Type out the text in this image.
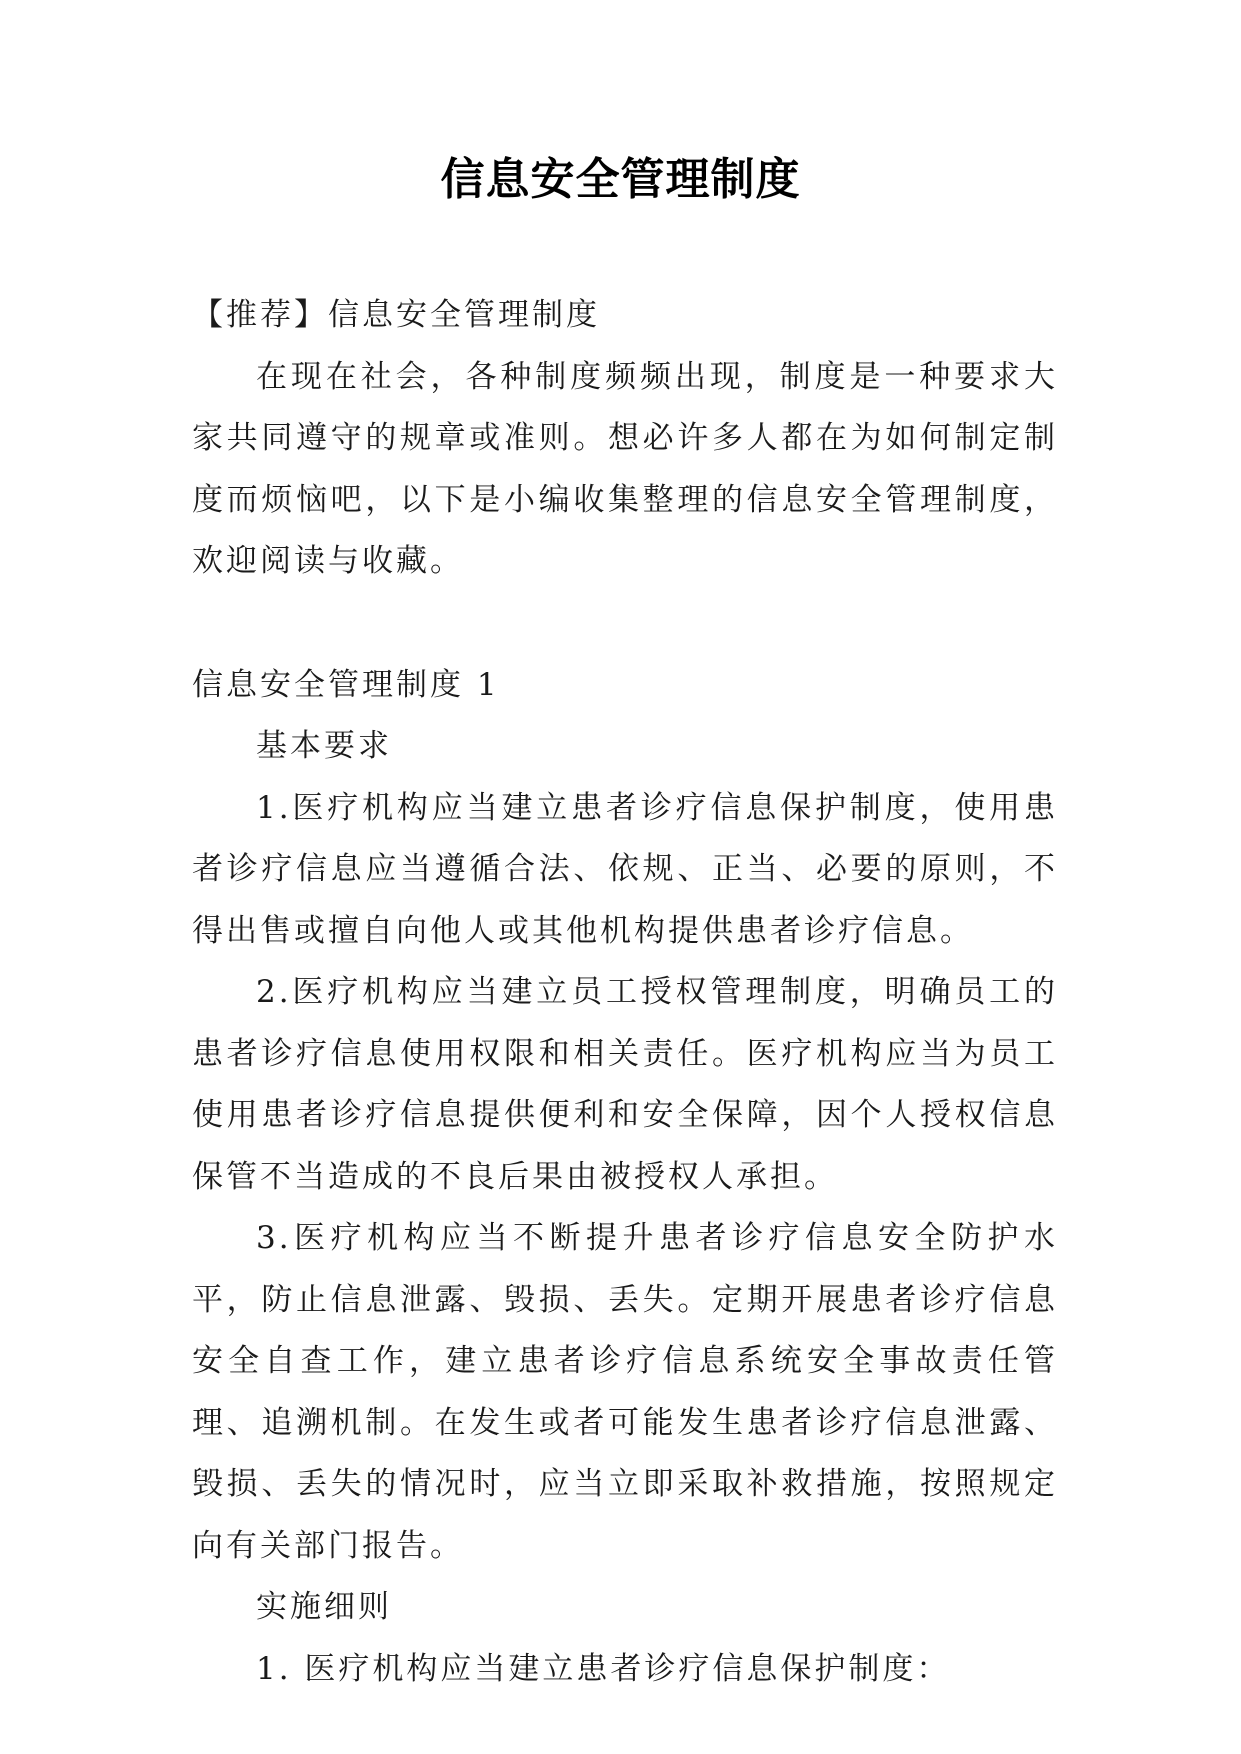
信息安全管理制度

【推荐】信息安全管理制度

在现在社会，各种制度频频出现，制度是一种要求大家共同遵守的规章或准则。想必许多人都在为如何制定制度而烦恼吧，以下是小编收集整理的信息安全管理制度，欢迎阅读与收藏。

信息安全管理制度 1

基本要求

1.医疗机构应当建立患者诊疗信息保护制度，使用患者诊疗信息应当遵循合法、依规、正当、必要的原则，不得出售或擅自向他人或其他机构提供患者诊疗信息。

2.医疗机构应当建立员工授权管理制度，明确员工的患者诊疗信息使用权限和相关责任。医疗机构应当为员工使用患者诊疗信息提供便利和安全保障，因个人授权信息保管不当造成的不良后果由被授权人承担。

3.医疗机构应当不断提升患者诊疗信息安全防护水平，防止信息泄露、毁损、丢失。定期开展患者诊疗信息安全自查工作，建立患者诊疗信息系统安全事故责任管理、追溯机制。在发生或者可能发生患者诊疗信息泄露、毁损、丢失的情况时，应当立即采取补救措施，按照规定向有关部门报告。

实施细则

1. 医疗机构应当建立患者诊疗信息保护制度：
